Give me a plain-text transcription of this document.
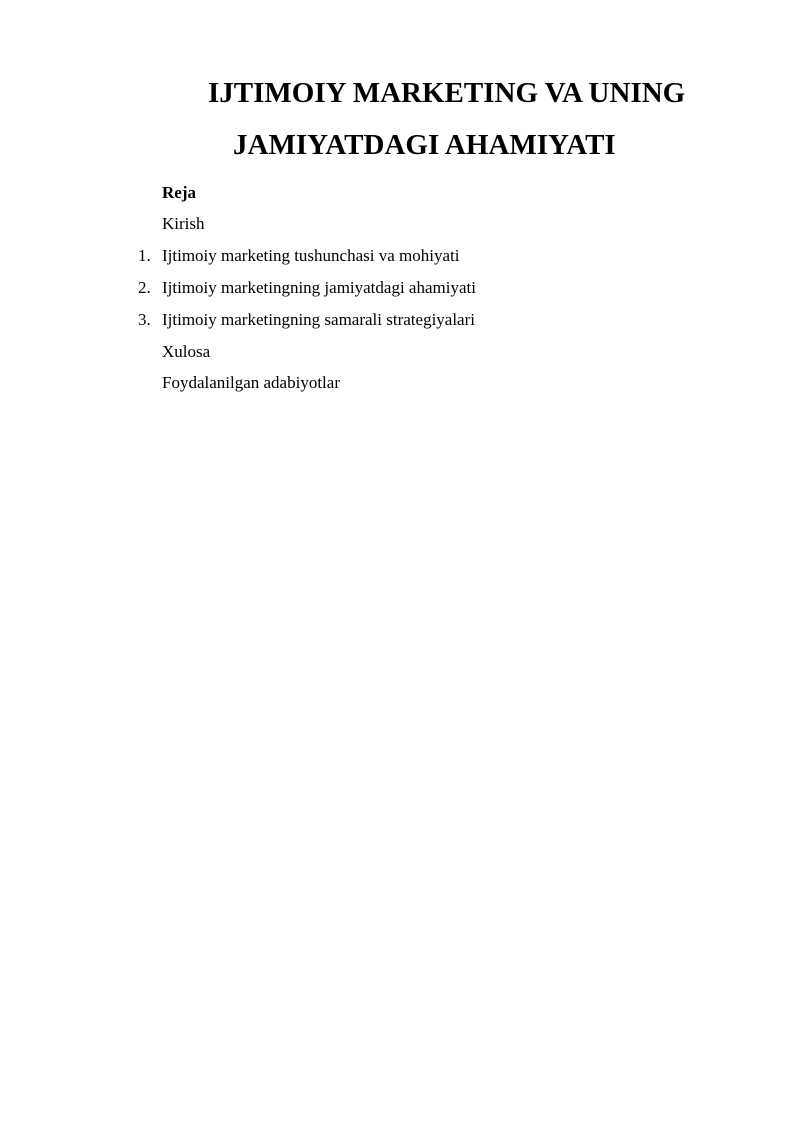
IJTIMOIY MARKETING VA UNING
JAMIYATDAGI AHAMIYATI
Reja
Kirish
1. Ijtimoiy marketing tushunchasi va mohiyati
2. Ijtimoiy marketingning jamiyatdagi ahamiyati
3. Ijtimoiy marketingning samarali strategiyalari
Xulosa
Foydalanilgan adabiyotlar
